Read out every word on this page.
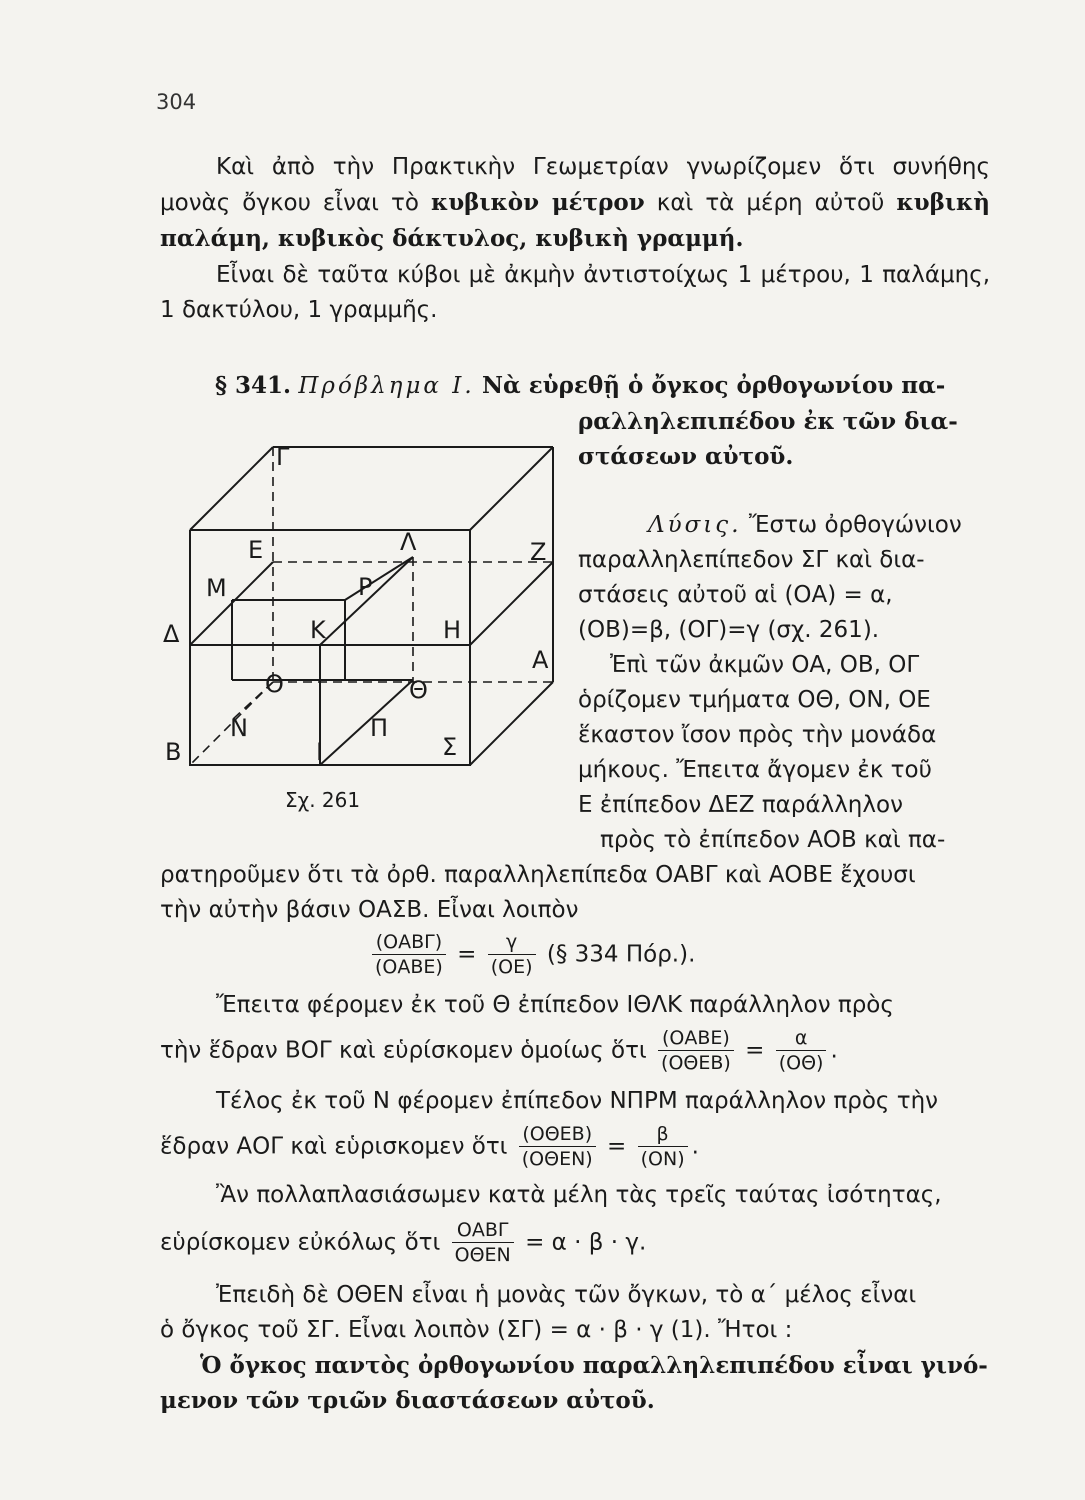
304
Καὶ ἀπὸ τὴν Πρακτικὴν Γεωμετρίαν γνωρίζομεν ὅτι συνήθης μονὰς ὄγκου εἶναι τὸ κυβικὸν μέτρον καὶ τὰ μέρη αὐτοῦ κυβικὴ παλάμη, κυβικὸς δάκτυλος, κυβικὴ γραμμή.
Εἶναι δὲ ταῦτα κύβοι μὲ ἀκμὴν ἀντιστοίχως 1 μέτρου, 1 παλάμης, 1 δακτύλου, 1 γραμμῆς.
§ 341. Πρόβλημα Ι. Νὰ εὑρεθῇ ὁ ὄγκος ὀρθογωνίου πα-
ραλληλεπιπέδου ἐκ τῶν δια-
στάσεων αὐτοῦ.
Γ
Ε	Λ	Ζ
Μ	Ρ
Δ	Κ	Η
Α
Ο	Θ
Ν	Π
Β	Ι	Σ
Σχ. 261
Λύσις. Ἔστω ὀρθογώνιον
παραλληλεπίπεδον ΣΓ καὶ δια-
στάσεις αὐτοῦ αἱ (ΟΑ) = α,
(ΟΒ)=β, (ΟΓ)=γ (σχ. 261).
Ἐπὶ τῶν ἀκμῶν ΟΑ, ΟΒ, ΟΓ
ὁρίζομεν τμήματα ΟΘ, ΟΝ, ΟΕ
ἕκαστον ἴσον πρὸς τὴν μονάδα
μήκους. Ἔπειτα ἄγομεν ἐκ τοῦ
Ε ἐπίπεδον ΔΕΖ παράλληλον
πρὸς τὸ ἐπίπεδον ΑΟΒ καὶ πα-
ρατηροῦμεν ὅτι τὰ ὀρθ. παραλληλεπίπεδα ΟΑΒΓ καὶ ΑΟΒΕ ἔχουσι
τὴν αὐτὴν βάσιν ΟΑΣΒ. Εἶναι λοιπὸν
$\frac{\text{(ΟΑΒΓ)}}{\text{(ΟΑΒΕ)}} = \frac{\gamma}{(OE)}$ (§ 334 Πόρ.).
Ἔπειτα φέρομεν ἐκ τοῦ Θ ἐπίπεδον ΙΘΛΚ παράλληλον πρὸς
τὴν ἕδραν ΒΟΓ καὶ εὑρίσκομεν ὁμοίως ὅτι $\frac{\text{(ΟΑΒΕ)}}{\text{(ΟΘΕΒ)}} = \frac{\alpha}{(O\Theta)}$ .
Τέλος ἐκ τοῦ Ν φέρομεν ἐπίπεδον ΝΠΡΜ παράλληλον πρὸς τὴν
ἕδραν ΑΟΓ καὶ εὑρισκομεν ὅτι $\frac{\text{(ΟΘΕΒ)}}{\text{(ΟΘΕΝ)}} = \frac{\beta}{(ON)}$ .
Ἂν πολλαπλασιάσωμεν κατὰ μέλη τὰς τρεῖς ταύτας ἰσότητας,
εὑρίσκομεν εὐκόλως ὅτι $\frac{\text{ΟΑΒΓ}}{\text{ΟΘΕΝ}} = \alpha \cdot \beta \cdot \gamma$.
Ἐπειδὴ δὲ ΟΘΕΝ εἶναι ἡ μονὰς τῶν ὄγκων, τὸ α΄ μέλος εἶναι
ὁ ὄγκος τοῦ ΣΓ. Εἶναι λοιπὸν (ΣΓ) = α · β · γ (1). Ἤτοι :
Ὁ ὄγκος παντὸς ὀρθογωνίου παραλληλεπιπέδου εἶναι γινό-
μενον τῶν τριῶν διαστάσεων αὐτοῦ.
